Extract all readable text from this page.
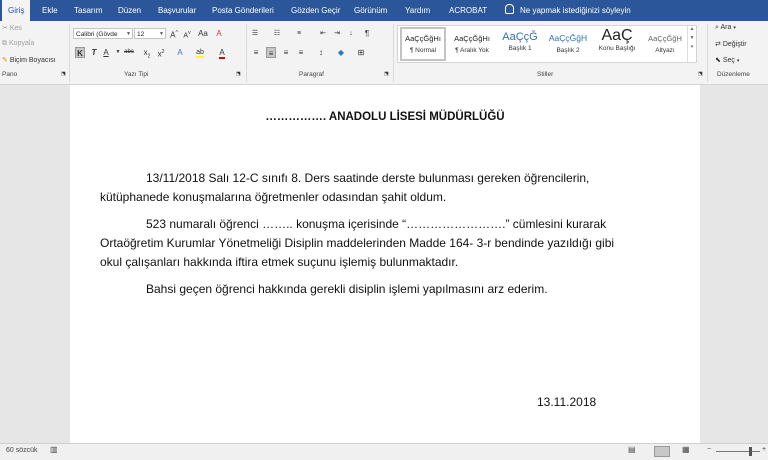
Giriş	Ekle Tasarım Düzen Başvurular Posta Gönderileri Gözden Geçir Görünüm Yardım ACROBAT	Ne yapmak istediğinizi söyleyin
✂ Kes
⧉ Kopyala
✎ Biçim Boyacısı
Pano	⬔
Calibri (Gövde ▼ 12	▼ A^ $A^v$ Aa A
K	T A	▼ abc $x_2$ $x^2$ A	ab A
Yazı Tipi	⬔
☰ ☷	≡	⇤ ⇥	↓	¶
≡	≡	≡	≡	↕	◆ ⊞
Paragraf	⬔
AaÇçĞğHı
¶ Normal
AaÇçĞğHı
¶ Aralık Yok
AaÇçĞ
Başlık 1
AaÇçĞğH
Başlık 2
AaÇ
Konu Başlığı
AaÇçĞğH
Altyazı
▲
▼
▾
Stiller	⬔
⌕ Ara ▾
⇄ Değiştir
⬉ Seç ▾
Düzenleme
……………. ANADOLU LİSESİ MÜDÜRLÜĞÜ
13/11/2018 Salı 12-C sınıfı 8. Ders saatinde derste bulunması gereken öğrencilerin,
kütüphanede konuşmalarına öğretmenler odasından şahit oldum.
523 numaralı öğrenci …….. konuşma içerisinde “…………………….” cümlesini kurarak
Ortaöğretim Kurumlar Yönetmeliği Disiplin maddelerinden Madde 164- 3-r bendinde yazıldığı gibi
okul çalışanları hakkında iftira etmek suçunu işlemiş bulunmaktadır.
Bahsi geçen öğrenci hakkında gerekli disiplin işlemi yapılmasını arz ederim.
13.11.2018
60 sözcük ▥	▤	▦	−	+
